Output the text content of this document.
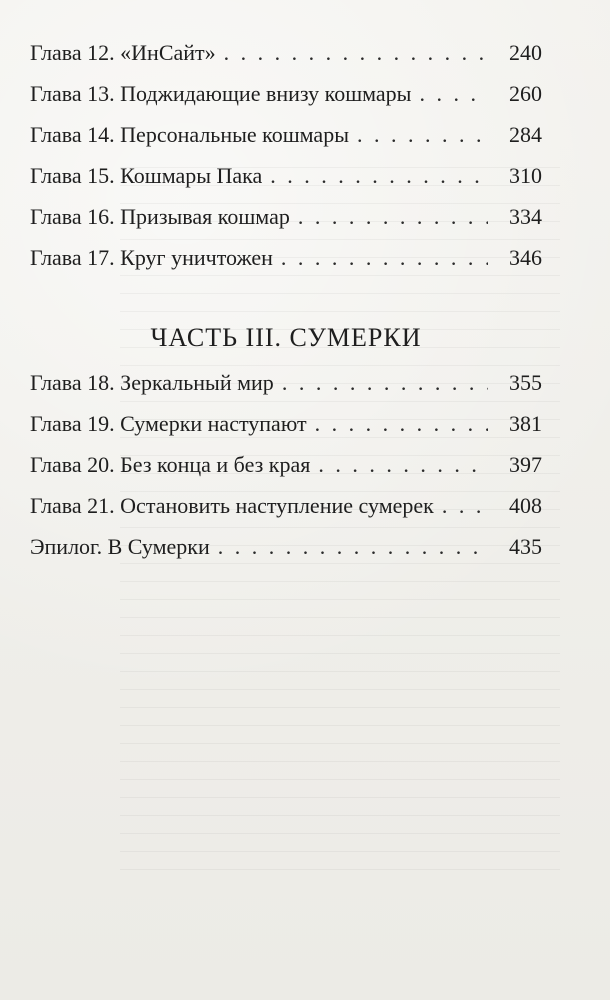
Глава 12. «ИнСайт» . . .	240
Глава 13. Поджидающие внизу кошмары . . .	260
Глава 14. Персональные кошмары . . .	284
Глава 15. Кошмары Пака . . .	310
Глава 16. Призывая кошмар . . .	334
Глава 17. Круг уничтожен . . .	346
ЧАСТЬ III. СУМЕРКИ
Глава 18. Зеркальный мир . . .	355
Глава 19. Сумерки наступают . . .	381
Глава 20. Без конца и без края . . .	397
Глава 21. Остановить наступление сумерек . . .	408
Эпилог. В Сумерки . . .	435
